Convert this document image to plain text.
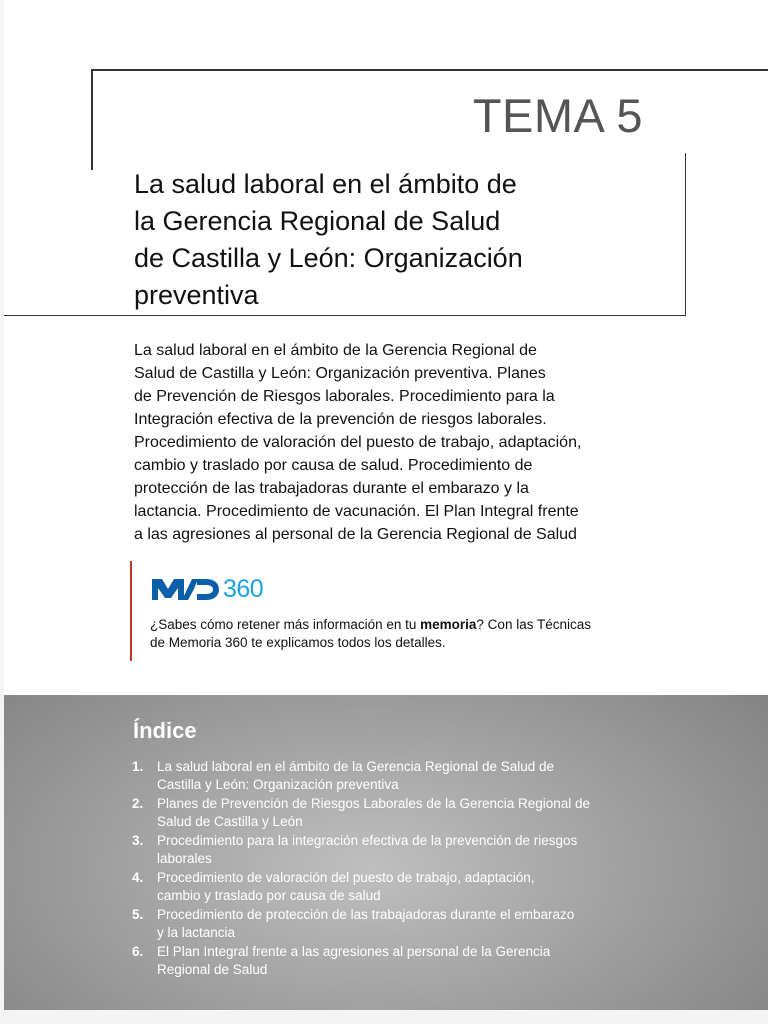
TEMA 5
La salud laboral en el ámbito de
la Gerencia Regional de Salud
de Castilla y León: Organización
preventiva
La salud laboral en el ámbito de la Gerencia Regional de
Salud de Castilla y León: Organización preventiva. Planes
de Prevención de Riesgos laborales. Procedimiento para la
Integración efectiva de la prevención de riesgos laborales.
Procedimiento de valoración del puesto de trabajo, adaptación,
cambio y traslado por causa de salud. Procedimiento de
protección de las trabajadoras durante el embarazo y la
lactancia. Procedimiento de vacunación. El Plan Integral frente
a las agresiones al personal de la Gerencia Regional de Salud
360
¿Sabes cómo retener más información en tu memoria? Con las Técnicas
de Memoria 360 te explicamos todos los detalles.
Índice
1.	La salud laboral en el ámbito de la Gerencia Regional de Salud de
Castilla y León: Organización preventiva
2.	Planes de Prevención de Riesgos Laborales de la Gerencia Regional de
Salud de Castilla y León
3.	Procedimiento para la integración efectiva de la prevención de riesgos
laborales
4.	Procedimiento de valoración del puesto de trabajo, adaptación,
cambio y traslado por causa de salud
5.	Procedimiento de protección de las trabajadoras durante el embarazo
y la lactancia
6.	El Plan Integral frente a las agresiones al personal de la Gerencia
Regional de Salud
